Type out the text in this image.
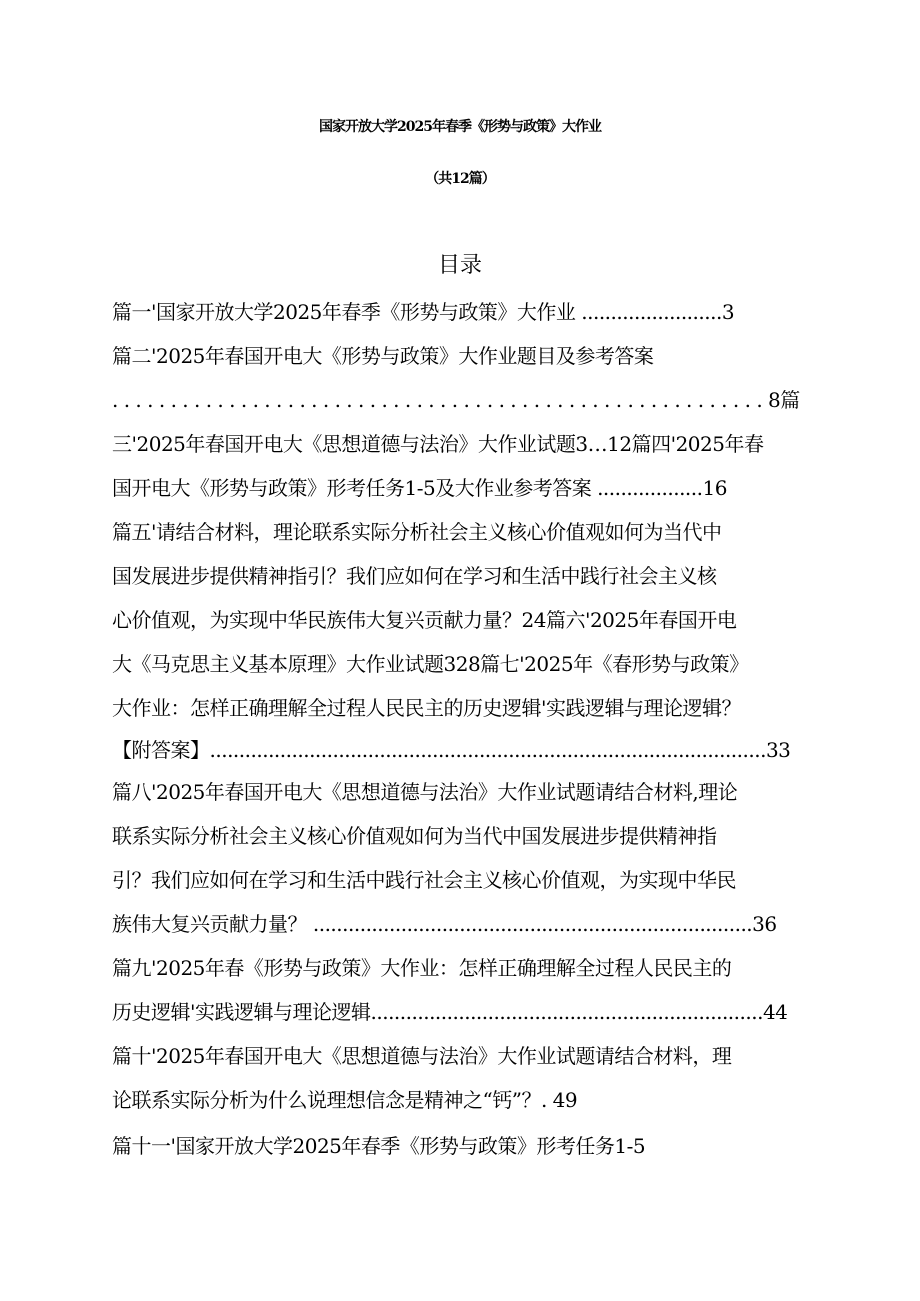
国家开放大学2025年春季《形势与政策》大作业
（共12篇）
目录
篇一'国家开放大学2025年春季《形势与政策》大作业 ........................3
篇二'2025年春国开电大《形势与政策》大作业题目及参考答案
. . . . . . . . . . . . . . . . . . . . . . . . . . . . . . . . . . . . . . . . . . . . . . . . . . . . . . . . 8篇
三'2025年春国开电大《思想道德与法治》大作业试题3…12篇四'2025年春
国开电大《形势与政策》形考任务1-5及大作业参考答案 ..................16
篇五'请结合材料，理论联系实际分析社会主义核心价值观如何为当代中
国发展进步提供精神指引？我们应如何在学习和生活中践行社会主义核
心价值观，为实现中华民族伟大复兴贡献力量？24篇六'2025年春国开电
大《马克思主义基本原理》大作业试题328篇七'2025年《春形势与政策》
大作业：怎样正确理解全过程人民民主的历史逻辑'实践逻辑与理论逻辑？
【附答案】...............................................................................................33
篇八'2025年春国开电大《思想道德与法治》大作业试题请结合材料,理论
联系实际分析社会主义核心价值观如何为当代中国发展进步提供精神指
引？我们应如何在学习和生活中践行社会主义核心价值观，为实现中华民
族伟大复兴贡献力量？ ...........................................................................36
篇九'2025年春《形势与政策》大作业：怎样正确理解全过程人民民主的
历史逻辑'实践逻辑与理论逻辑...................................................................44
篇十'2025年春国开电大《思想道德与法治》大作业试题请结合材料，理
论联系实际分析为什么说理想信念是精神之“钙”？. 49
篇十一'国家开放大学2025年春季《形势与政策》形考任务1-5
